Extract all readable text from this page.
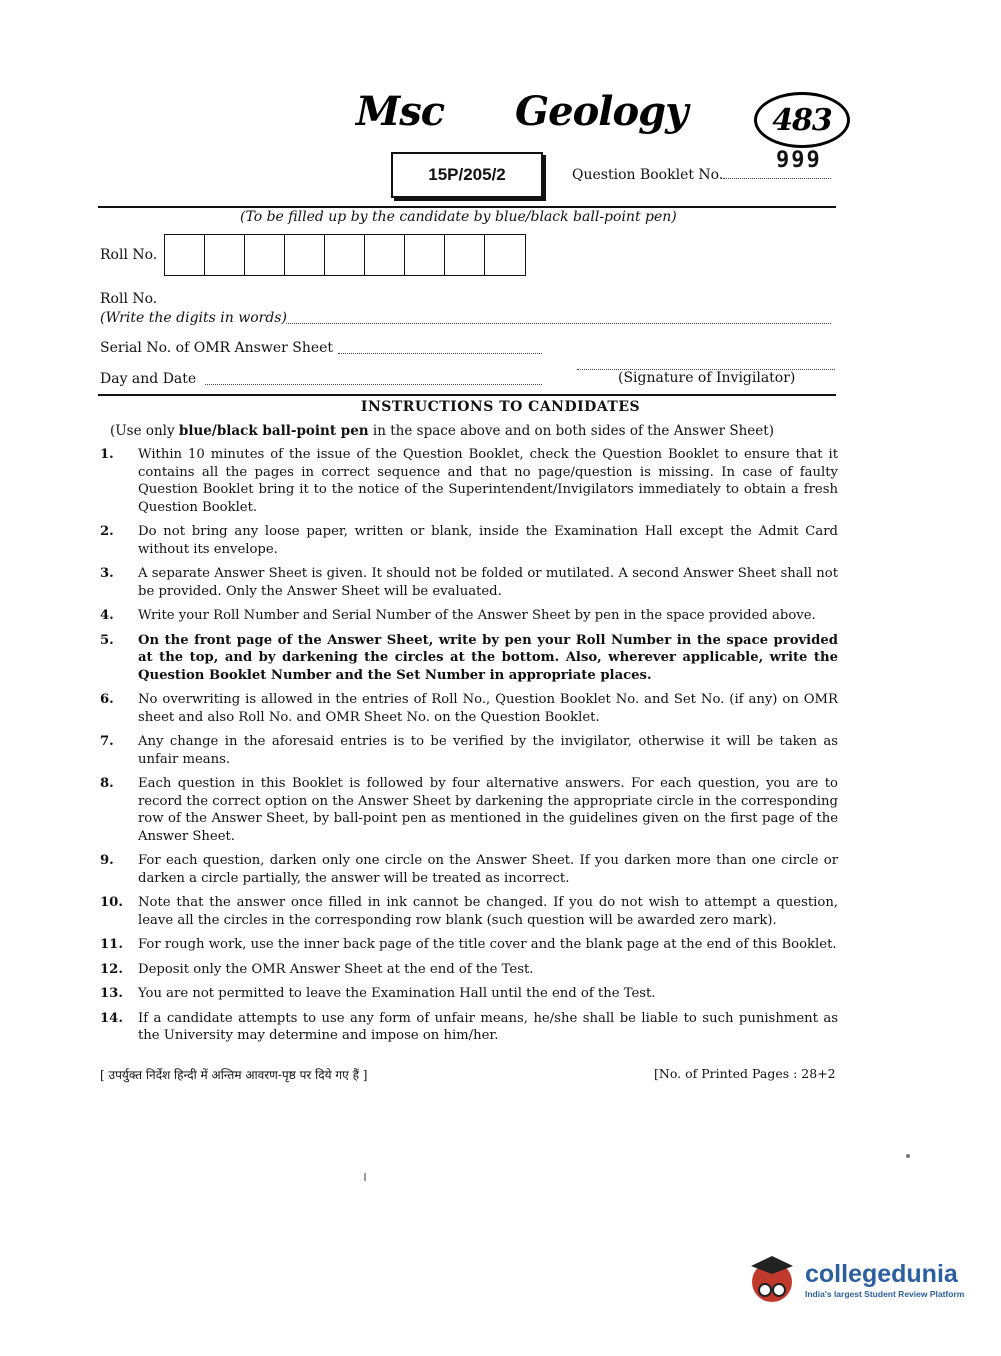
Msc Geology	483
15P/205/2	Question Booklet No.
999
(To be filled up by the candidate by blue/black ball-point pen)
Roll No.
Roll No.
(Write the digits in words)
Serial No. of OMR Answer Sheet
(Signature of Invigilator)
Day and Date
INSTRUCTIONS TO CANDIDATES
(Use only blue/black ball-point pen in the space above and on both sides of the Answer Sheet)
1.	Within 10 minutes of the issue of the Question Booklet, check the Question Booklet to ensure that it contains all the pages in correct sequence and that no page/question is missing. In case of faulty Question Booklet bring it to the notice of the Superintendent/Invigilators immediately to obtain a fresh Question Booklet.
2.	Do not bring any loose paper, written or blank, inside the Examination Hall except the Admit Card without its envelope.
3.	A separate Answer Sheet is given. It should not be folded or mutilated. A second Answer Sheet shall not be provided. Only the Answer Sheet will be evaluated.
4.	Write your Roll Number and Serial Number of the Answer Sheet by pen in the space provided above.
5.	On the front page of the Answer Sheet, write by pen your Roll Number in the space provided at the top, and by darkening the circles at the bottom. Also, wherever applicable, write the Question Booklet Number and the Set Number in appropriate places.
6.	No overwriting is allowed in the entries of Roll No., Question Booklet No. and Set No. (if any) on OMR sheet and also Roll No. and OMR Sheet No. on the Question Booklet.
7.	Any change in the aforesaid entries is to be verified by the invigilator, otherwise it will be taken as unfair means.
8.	Each question in this Booklet is followed by four alternative answers. For each question, you are to record the correct option on the Answer Sheet by darkening the appropriate circle in the corresponding row of the Answer Sheet, by ball-point pen as mentioned in the guidelines given on the first page of the Answer Sheet.
9.	For each question, darken only one circle on the Answer Sheet. If you darken more than one circle or darken a circle partially, the answer will be treated as incorrect.
10.	Note that the answer once filled in ink cannot be changed. If you do not wish to attempt a question, leave all the circles in the corresponding row blank (such question will be awarded zero mark).
11.	For rough work, use the inner back page of the title cover and the blank page at the end of this Booklet.
12.	Deposit only the OMR Answer Sheet at the end of the Test.
13.	You are not permitted to leave the Examination Hall until the end of the Test.
14.	If a candidate attempts to use any form of unfair means, he/she shall be liable to such punishment as the University may determine and impose on him/her.
[ उपर्युक्त निर्देश हिन्दी में अन्तिम आवरण-पृष्ठ पर दिये गए हैं ]	[No. of Printed Pages : 28+2
collegedunia
India's largest Student Review Platform
